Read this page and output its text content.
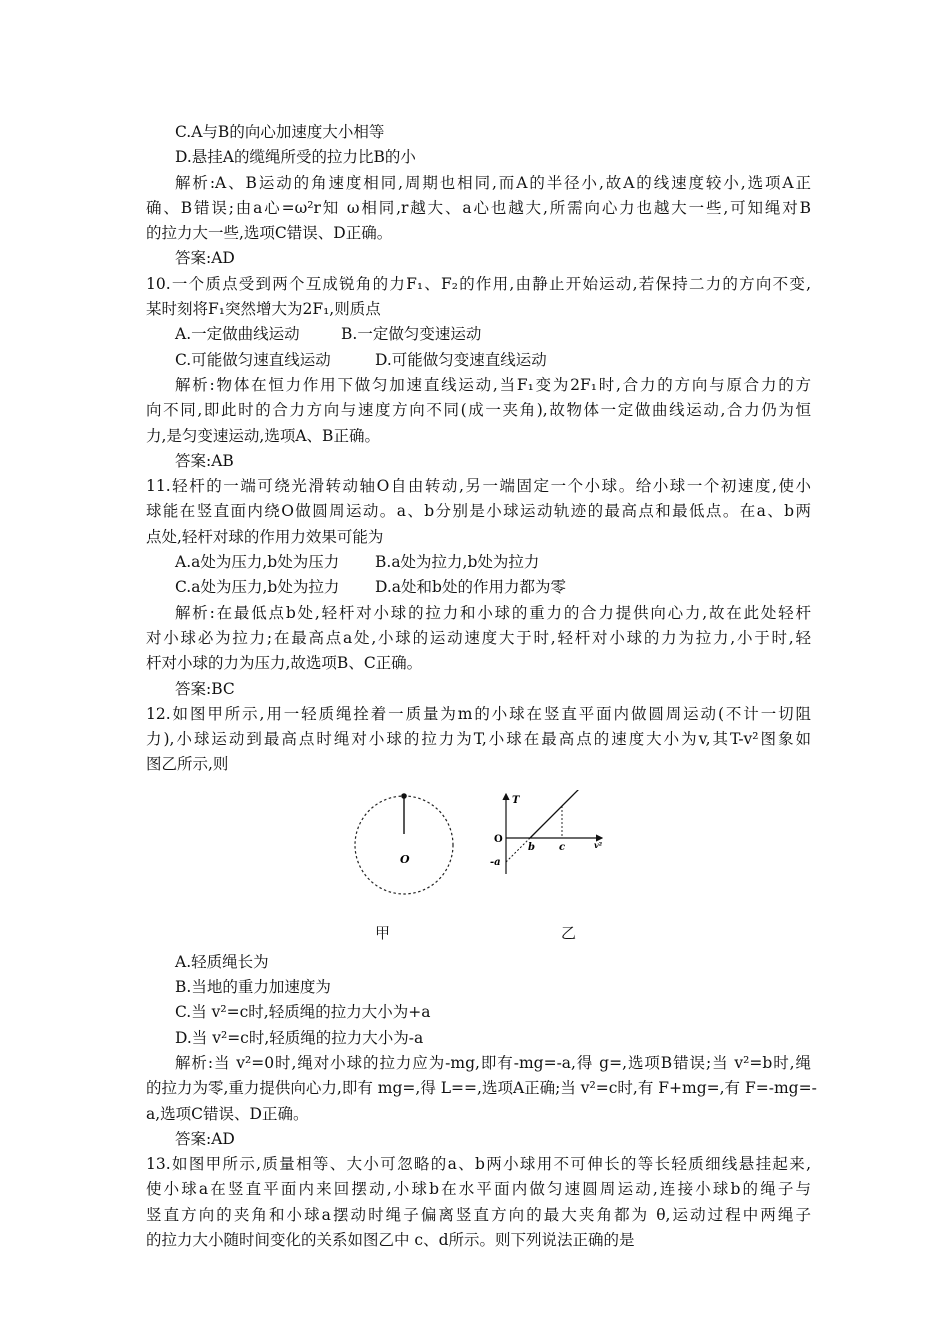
C.A与B的向心加速度大小相等
D.悬挂A的缆绳所受的拉力比B的小
解析:A、B运动的角速度相同,周期也相同,而A的半径小,故A的线速度较小,选项A正
确、B错误;由a心=ω²r知 ω相同,r越大、a心也越大,所需向心力也越大一些,可知绳对B
的拉力大一些,选项C错误、D正确。
答案:AD
10.一个质点受到两个互成锐角的力F₁、F₂的作用,由静止开始运动,若保持二力的方向不变,
某时刻将F₁突然增大为2F₁,则质点
A.一定做曲线运动	B.一定做匀变速运动
C.可能做匀速直线运动	D.可能做匀变速直线运动
解析:物体在恒力作用下做匀加速直线运动,当F₁变为2F₁时,合力的方向与原合力的方
向不同,即此时的合力方向与速度方向不同(成一夹角),故物体一定做曲线运动,合力仍为恒
力,是匀变速运动,选项A、B正确。
答案:AB
11.轻杆的一端可绕光滑转动轴O自由转动,另一端固定一个小球。给小球一个初速度,使小
球能在竖直面内绕O做圆周运动。a、b分别是小球运动轨迹的最高点和最低点。在a、b两
点处,轻杆对球的作用力效果可能为
A.a处为压力,b处为压力	B.a处为拉力,b处为拉力
C.a处为压力,b处为拉力	D.a处和b处的作用力都为零
解析:在最低点b处,轻杆对小球的拉力和小球的重力的合力提供向心力,故在此处轻杆
对小球必为拉力;在最高点a处,小球的运动速度大于时,轻杆对小球的力为拉力,小于时,轻
杆对小球的力为压力,故选项B、C正确。
答案:BC
12.如图甲所示,用一轻质绳拴着一质量为m的小球在竖直平面内做圆周运动(不计一切阻
力),小球运动到最高点时绳对小球的拉力为T,小球在最高点的速度大小为v,其T-v²图象如
图乙所示,则
O
甲
T
v²
O
-a
b c
乙
A.轻质绳长为
B.当地的重力加速度为
C.当 v²=c时,轻质绳的拉力大小为+a
D.当 v²=c时,轻质绳的拉力大小为-a
解析:当 v²=0时,绳对小球的拉力应为-mg,即有-mg=-a,得 g=,选项B错误;当 v²=b时,绳
的拉力为零,重力提供向心力,即有 mg=,得 L==,选项A正确;当 v²=c时,有 F+mg=,有 F=-mg=-
a,选项C错误、D正确。
答案:AD
13.如图甲所示,质量相等、大小可忽略的a、b两小球用不可伸长的等长轻质细线悬挂起来,
使小球a在竖直平面内来回摆动,小球b在水平面内做匀速圆周运动,连接小球b的绳子与
竖直方向的夹角和小球a摆动时绳子偏离竖直方向的最大夹角都为 θ,运动过程中两绳子
的拉力大小随时间变化的关系如图乙中 c、d所示。则下列说法正确的是
